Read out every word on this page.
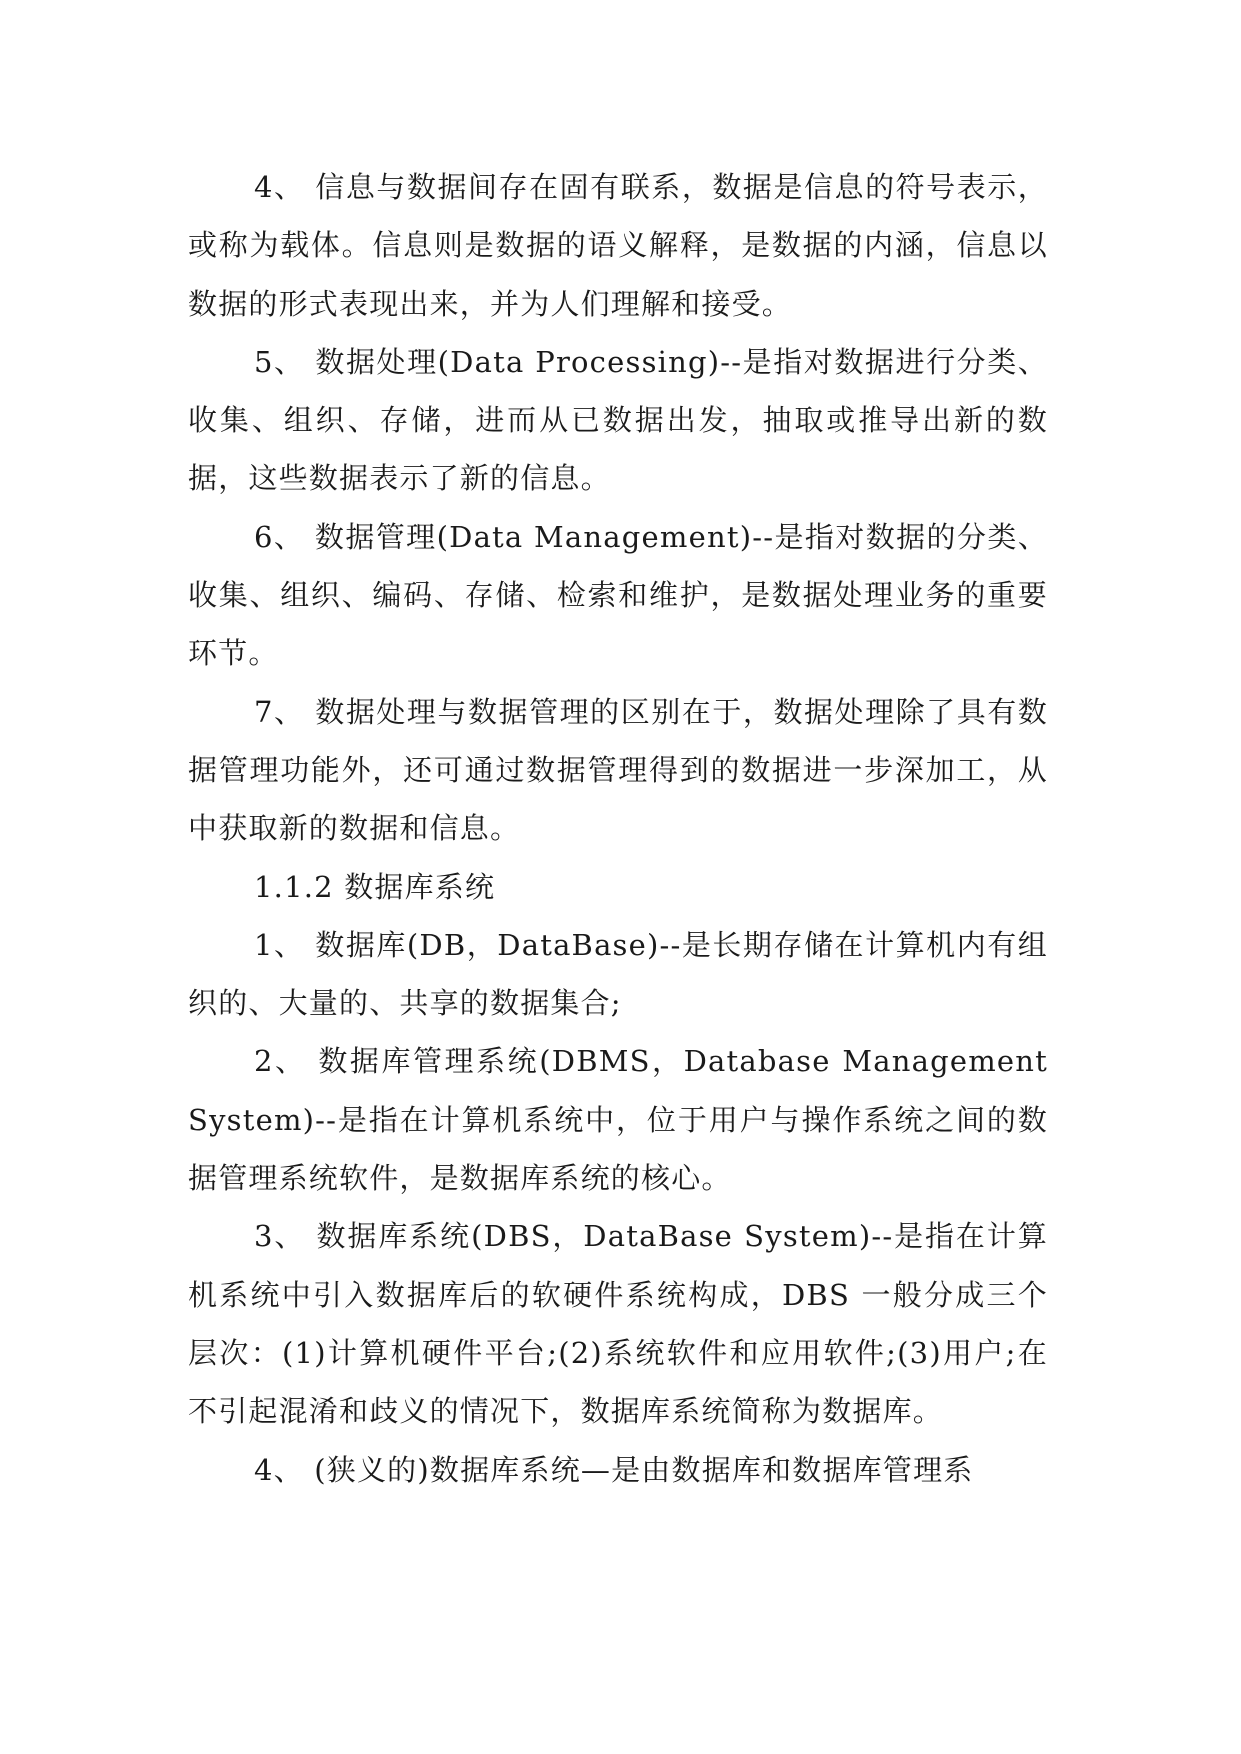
4、 信息与数据间存在固有联系，数据是信息的符号表示，或称为载体。信息则是数据的语义解释，是数据的内涵，信息以数据的形式表现出来，并为人们理解和接受。

5、 数据处理(Data Processing)--是指对数据进行分类、收集、组织、存储，进而从已数据出发，抽取或推导出新的数据，这些数据表示了新的信息。

6、 数据管理(Data Management)--是指对数据的分类、收集、组织、编码、存储、检索和维护，是数据处理业务的重要环节。

7、 数据处理与数据管理的区别在于，数据处理除了具有数据管理功能外，还可通过数据管理得到的数据进一步深加工，从中获取新的数据和信息。

1.1.2 数据库系统

1、 数据库(DB，DataBase)--是长期存储在计算机内有组织的、大量的、共享的数据集合;

2、 数据库管理系统(DBMS，Database Management System)--是指在计算机系统中，位于用户与操作系统之间的数据管理系统软件，是数据库系统的核心。

3、 数据库系统(DBS，DataBase System)--是指在计算机系统中引入数据库后的软硬件系统构成，DBS 一般分成三个层次：(1)计算机硬件平台;(2)系统软件和应用软件;(3)用户;在不引起混淆和歧义的情况下，数据库系统简称为数据库。

4、 (狭义的)数据库系统—是由数据库和数据库管理系
